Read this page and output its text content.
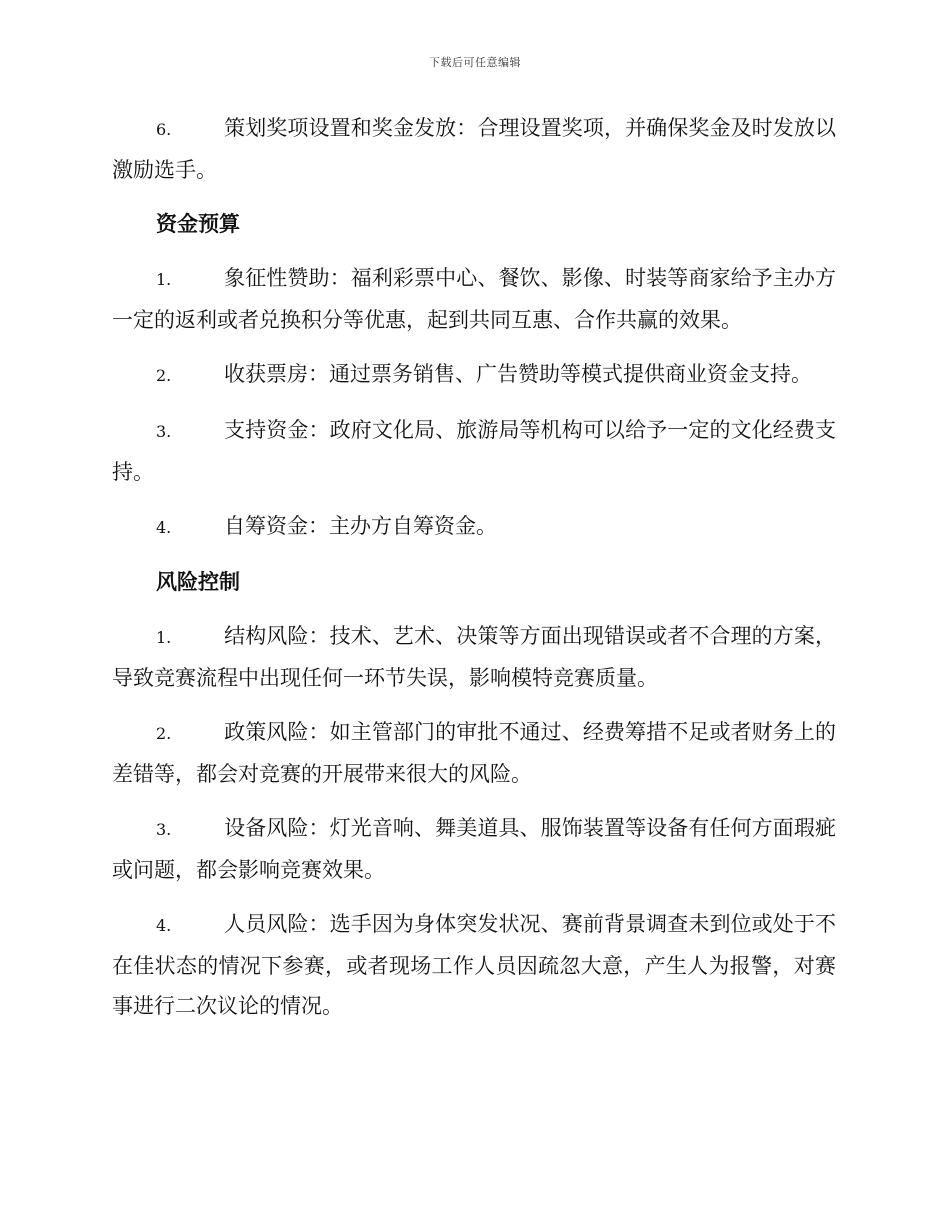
下载后可任意编辑

6.	策划奖项设置和奖金发放：合理设置奖项，并确保奖金及时发放以激励选手。

资金预算

1.	象征性赞助：福利彩票中心、餐饮、影像、时装等商家给予主办方一定的返利或者兑换积分等优惠，起到共同互惠、合作共赢的效果。

2.	收获票房：通过票务销售、广告赞助等模式提供商业资金支持。

3.	支持资金：政府文化局、旅游局等机构可以给予一定的文化经费支持。

4.	自筹资金：主办方自筹资金。

风险控制

1.	结构风险：技术、艺术、决策等方面出现错误或者不合理的方案，导致竞赛流程中出现任何一环节失误，影响模特竞赛质量。

2.	政策风险：如主管部门的审批不通过、经费筹措不足或者财务上的差错等，都会对竞赛的开展带来很大的风险。

3.	设备风险：灯光音响、舞美道具、服饰装置等设备有任何方面瑕疵或问题，都会影响竞赛效果。

4.	人员风险：选手因为身体突发状况、赛前背景调查未到位或处于不在佳状态的情况下参赛，或者现场工作人员因疏忽大意，产生人为报警，对赛事进行二次议论的情况。
